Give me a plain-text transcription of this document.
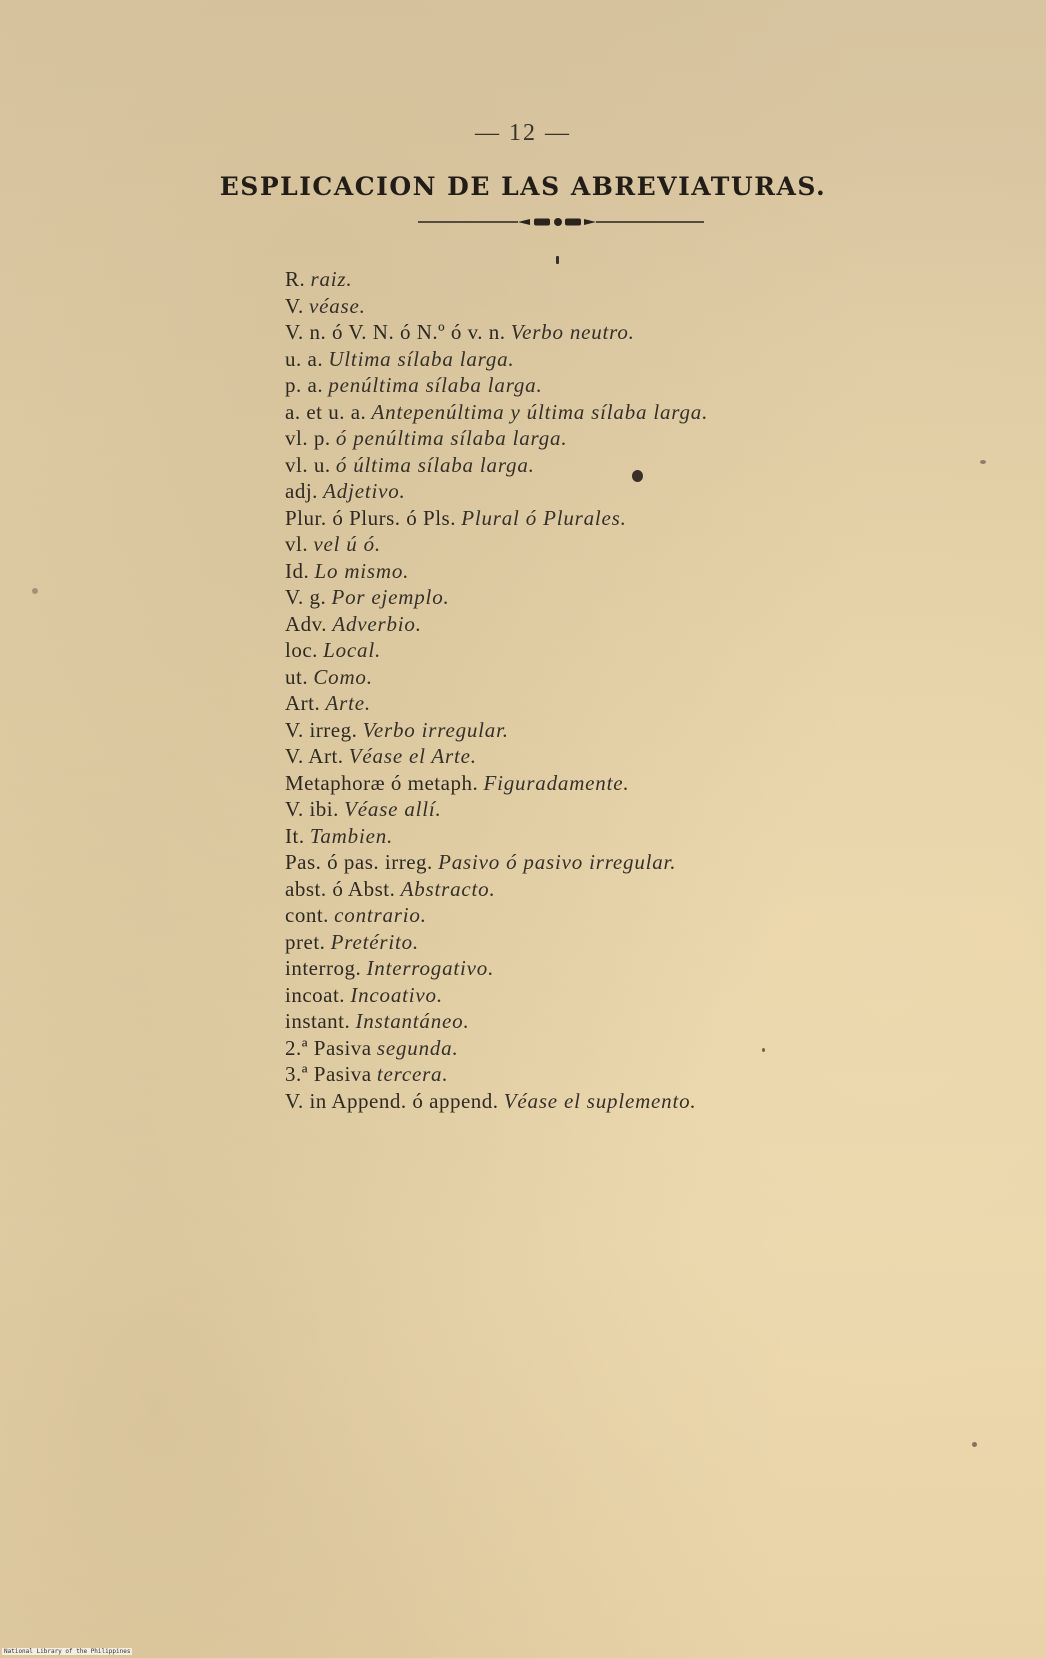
— 12 —
ESPLICACION DE LAS ABREVIATURAS.
R. raiz.
V. véase.
V. n. ó V. N. ó N.º ó v. n. Verbo neutro.
u. a. Ultima sílaba larga.
p. a. penúltima sílaba larga.
a. et u. a. Antepenúltima y última sílaba larga.
vl. p. ó penúltima sílaba larga.
vl. u. ó última sílaba larga.
adj. Adjetivo.
Plur. ó Plurs. ó Pls. Plural ó Plurales.
vl. vel ú ó.
Id. Lo mismo.
V. g. Por ejemplo.
Adv. Adverbio.
loc. Local.
ut. Como.
Art. Arte.
V. irreg. Verbo irregular.
V. Art. Véase el Arte.
Metaphoræ ó metaph. Figuradamente.
V. ibi. Véase allí.
It. Tambien.
Pas. ó pas. irreg. Pasivo ó pasivo irregular.
abst. ó Abst. Abstracto.
cont. contrario.
pret. Pretérito.
interrog. Interrogativo.
incoat. Incoativo.
instant. Instantáneo.
2.ª Pasiva segunda.
3.ª Pasiva tercera.
V. in Append. ó append. Véase el suplemento.
National Library of the Philippines
